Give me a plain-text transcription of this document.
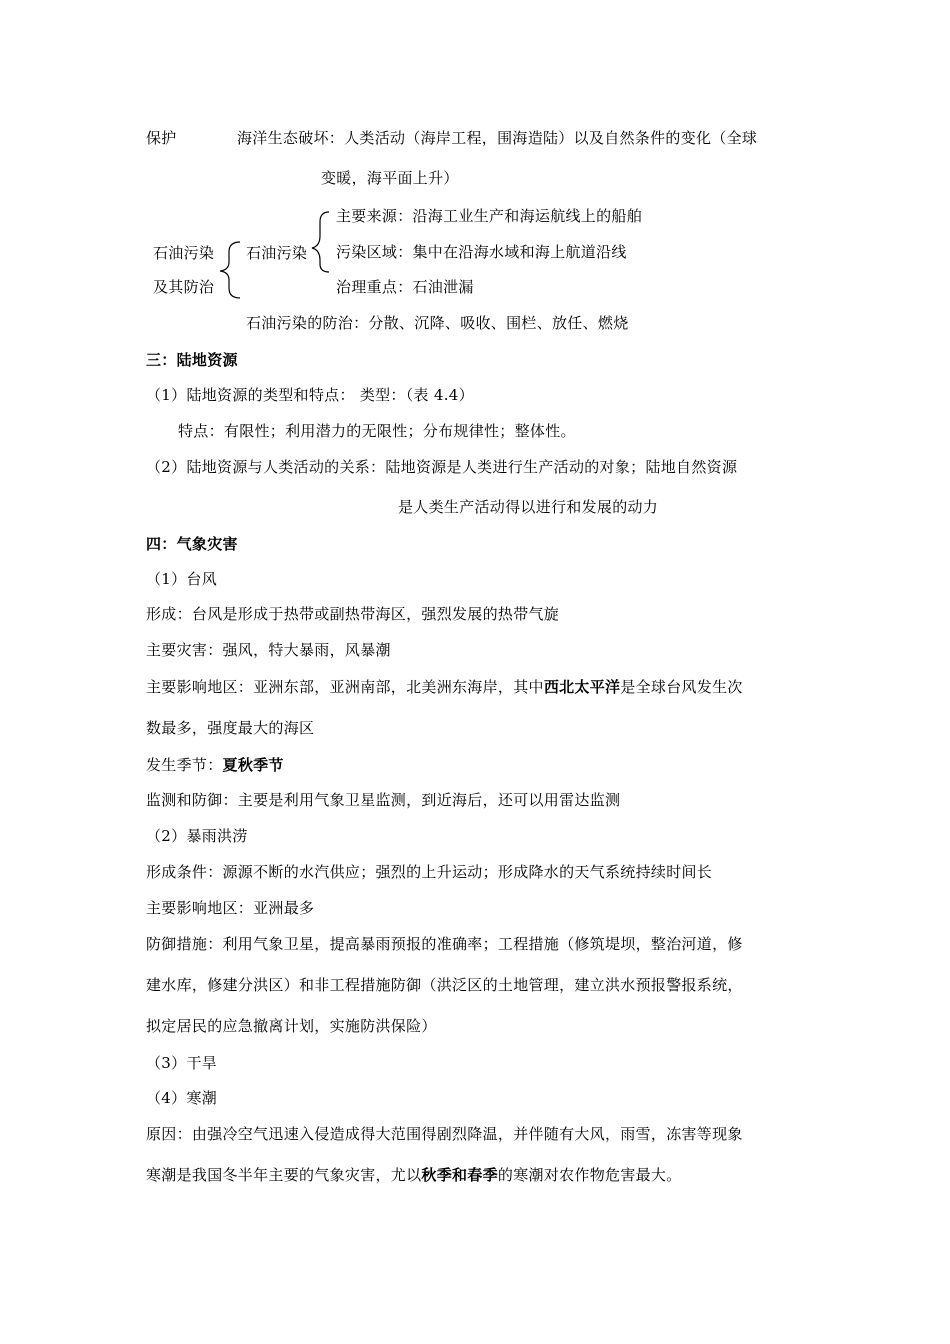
保护	海洋生态破坏：人类活动（海岸工程，围海造陆）以及自然条件的变化（全球
变暖，海平面上升）
石油污染
及其防治
石油污染
主要来源：沿海工业生产和海运航线上的船舶
污染区域：集中在沿海水域和海上航道沿线
治理重点：石油泄漏
石油污染的防治：分散、沉降、吸收、围栏、放任、燃烧
三：陆地资源
（1）陆地资源的类型和特点： 类型：（表 4.4）
特点：有限性；利用潜力的无限性；分布规律性；整体性。
（2）陆地资源与人类活动的关系：陆地资源是人类进行生产活动的对象；陆地自然资源
是人类生产活动得以进行和发展的动力
四：气象灾害
（1）台风
形成：台风是形成于热带或副热带海区，强烈发展的热带气旋
主要灾害：强风，特大暴雨，风暴潮
主要影响地区：亚洲东部，亚洲南部，北美洲东海岸，其中西北太平洋是全球台风发生次
数最多，强度最大的海区
发生季节：夏秋季节
监测和防御：主要是利用气象卫星监测，到近海后，还可以用雷达监测
（2）暴雨洪涝
形成条件：源源不断的水汽供应；强烈的上升运动；形成降水的天气系统持续时间长
主要影响地区：亚洲最多
防御措施：利用气象卫星，提高暴雨预报的准确率；工程措施（修筑堤坝，整治河道，修
建水库，修建分洪区）和非工程措施防御（洪泛区的土地管理，建立洪水预报警报系统，
拟定居民的应急撤离计划，实施防洪保险）
（3）干旱
（4）寒潮
原因：由强冷空气迅速入侵造成得大范围得剧烈降温，并伴随有大风，雨雪，冻害等现象
寒潮是我国冬半年主要的气象灾害，尤以秋季和春季的寒潮对农作物危害最大。
